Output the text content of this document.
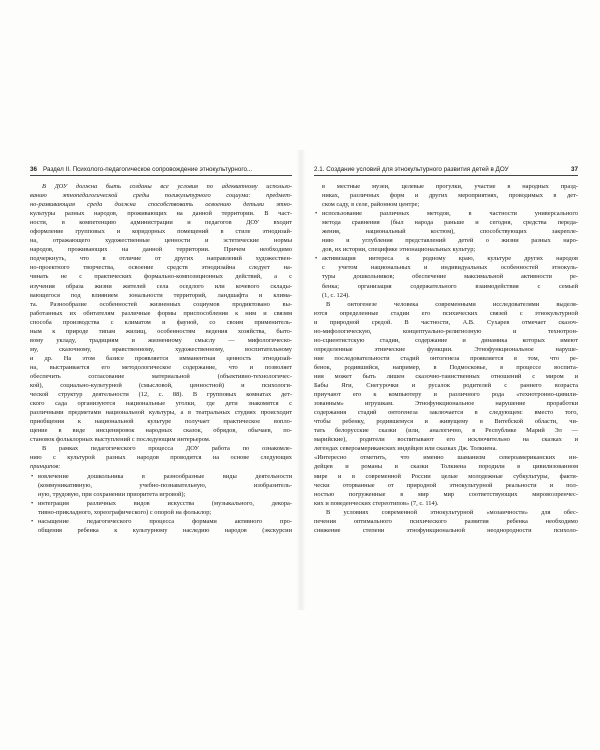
36 Раздел II. Психолого-педагогическое сопровождение этнокультурного...
В ДОУ должна быть созданы все условия по адекватному использо-
ванию этнопедагогической среды поликультурного социума: предмет-
но-развивающая среда должна способствовать освоению детьми этно-
культуры разных народов, проживающих на данной территории. В част-
ности, в компетенцию администрации и педагогов ДОУ входит
оформление групповых и коридорных помещений в стиле этнодизай-
на, отражающего художественные ценности и эстетические нормы
народов, проживающих на данной территории. Причем необходимо
подчеркнуть, что в отличие от других направлений художествен-
но-проектного творчества, освоение средств этнодизайна следует на-
чинать не с практических формально-композиционных действий, а с
изучения образа жизни жителей села оседлого или кочевого склады-
вающегося под влиянием зональности территорий, ландшафта и клима-
та. Разнообразие особенностей жизненных социумов продиктовано вы-
работанных их обитателям различные формы приспособления к ним и связям
способа производства с климатом и фауной, со своим применитель-
ным к природе типам жилищ, особенностям ведения хозяйства, быто-
вому укладу, традициям и жизненному смыслу — мифологическо-
му, сказочному, нравственному, художественному, воспитательному
и др. На этом базисе проявляется имманентная ценность этнодизай-
на, выстраивается его методологическое содержание, что и позволяет
обеспечить согласование материальной (объективно-технологичес-
кой), социально-культурной (смысловой, ценностной) и психологи-
ческой структур деятельности (12, с. 88). В групповых комнатах дет-
ского сада организуются национальные уголки, где дети знакомятся с
различными предметами национальной культуры, а в театральных студиях происходит
приобщения к национальной культуре получает практическое вопло-
щение в виде инсценировок народных сказок, обрядов, обычаев, по-
становок фольклорных выступлений с последующим интерьером.
В рамках педагогического процесса ДОУ работа по ознакомле-
нию с культурой разных народов проводится на основе следующих
принципов:
• вовлечение дошкольника в разнообразные виды деятельности
(коммуникативную, учебно-познавательную, изобразитель-
ную, трудовую, при сохранении приоритета игровой);
• интеграция различных видов искусства (музыкального, декора-
тивно-прикладного, хореографического) с опорой на фольклор;
• насыщение педагогического процесса формами активного про-
общения ребенка к культурному наследию народов (экскурсии
2.1. Создание условий для этнокультурного развития детей в ДОУ	37
в местные музеи, целевые прогулки, участие в народных празд-
никах, различных форм и других мероприятиях, проводимых в дет-
ском саду, в селе, районном центре;
• использование различных методов, в частности универсального
метода сравнения (был народа раньше и сегодня, средства переда-
жения, национальный костюм), способствующих закрепле-
нию и углубления представлений детей о жизни разных наро-
дов, их истории, специфике этнонациональных культур;
• активизация интереса к родному краю, культуре других народов
с учетом национальных и индивидуальных особенностей этнокуль-
туры дошкольников; обеспечение максимальной активности ре-
бенка; организация содержательного взаимодействия с семьей
(1, с. 124).
В онтогенезе человека современными исследователями выделя-
ются определенные стадии его психических связей с этнокультурной
и природной средой. В частности, А.В. Сухарев отмечает сказоч-
но-мифологическую, концептуально-религиозную и технотрон-
но-сциентистскую стадии, содержание и динамика которых имеют
определенные этнические функции. Этнофункциональное наруше-
ние последовательности стадий онтогенеза проявляется в том, что ре-
бенок, родившийся, например, в Подмосковье, в процессе воспита-
ния может быть лишен сказочно-таинственных отношений с миром и
Бабы Яги, Снегурочки и русалок родителей с раннего возраста
приучают его к компьютеру и различного рода «технотронно-цивили-
зованным» игрушкам. Этнофункциональное нарушение проработки
содержания стадий онтогенеза заключается в следующем: вместо того,
чтобы ребенку, родившемуся и живущему в Витебской области, чи-
тать белорусские сказки (или, аналогично, в Республике Марий Эл —
марийские), родители воспитывают его исключительно на сказках и
легендах североамериканских индейцев или сказках Дж. Толкиена.
«Интересно отметить, что именно шаманизм североамериканских ин-
дейцев и романы и сказки Толкиена породили в цивилизованном
мире и в современной России целые молодежные субкультуры, факти-
чески оторванные от природной этнокультурной реальности и пол-
ностью погруженные в мир мир соответствующих мировоззренчес-
ких и поведенческих стереотипов» (7, с. 114).
В условиях современной этнокультурной «мозаичности» для обес-
печения оптимального психического развития ребенка необходимо
снижение степени этнофункциональной неоднородности психоло-
